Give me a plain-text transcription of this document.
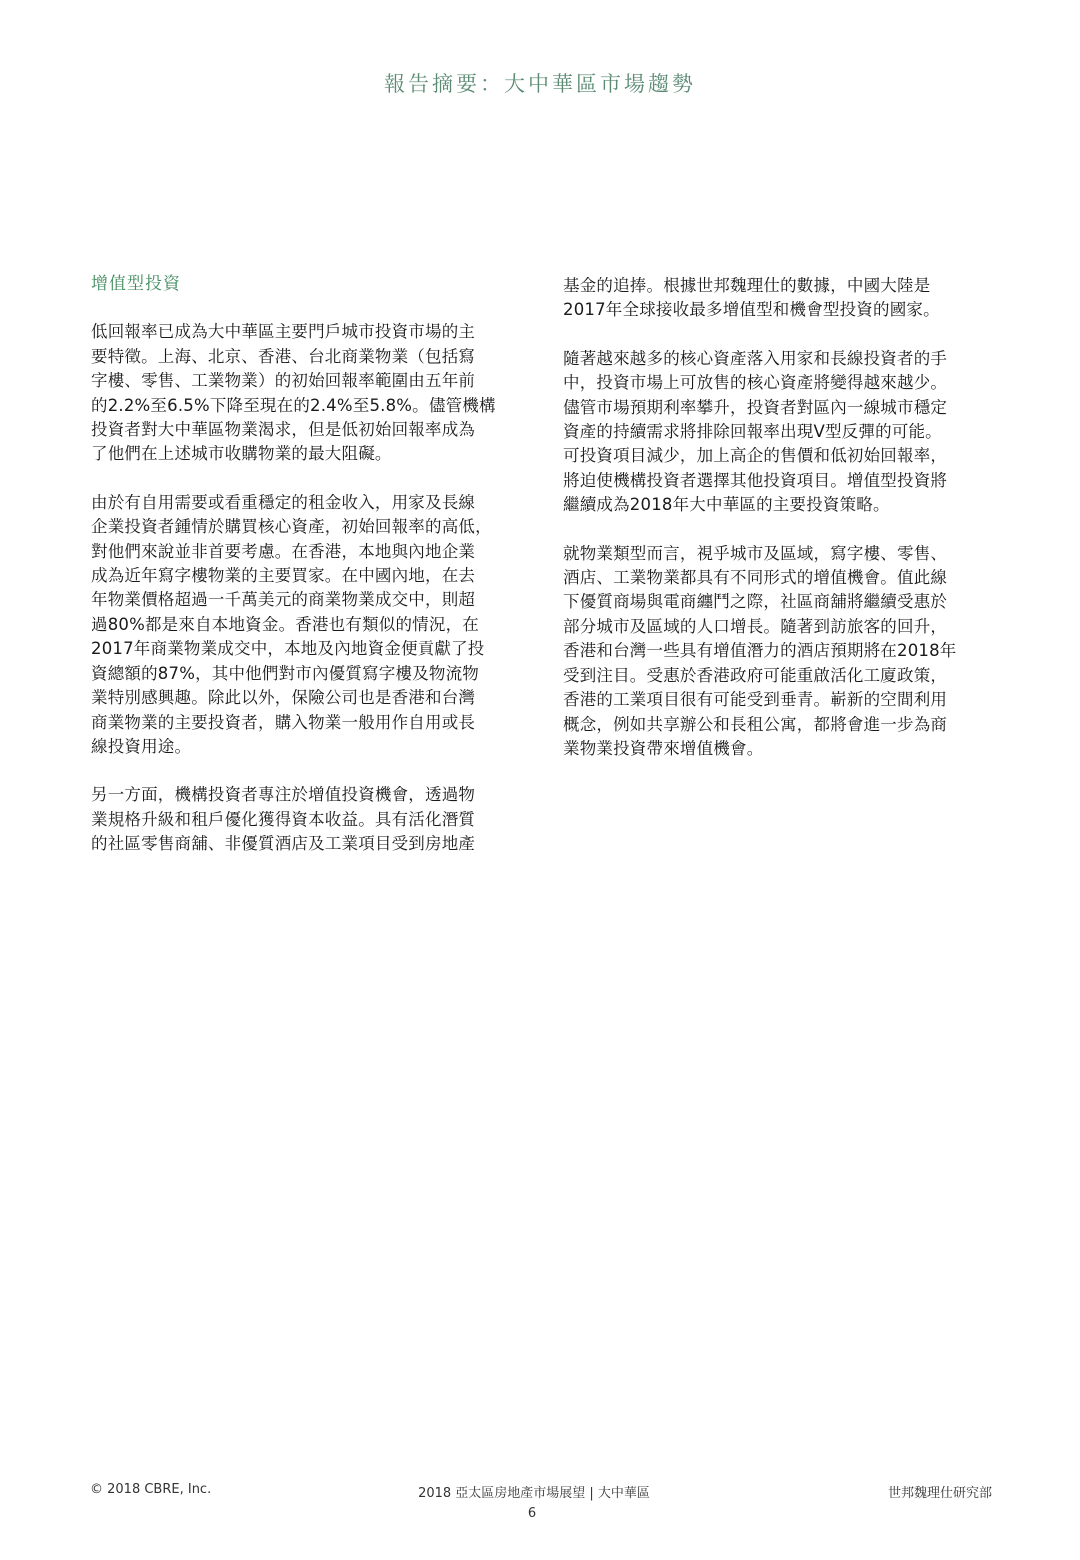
報告摘要：大中華區市場趨勢
增值型投資

低回報率已成為大中華區主要門戶城市投資市場的主
要特徵。上海、北京、香港、台北商業物業（包括寫
字樓、零售、工業物業）的初始回報率範圍由五年前
的2.2%至6.5%下降至現在的2.4%至5.8%。儘管機構
投資者對大中華區物業渴求，但是低初始回報率成為
了他們在上述城市收購物業的最大阻礙。

由於有自用需要或看重穩定的租金收入，用家及長線
企業投資者鍾情於購買核心資產，初始回報率的高低，
對他們來說並非首要考慮。在香港，本地與內地企業
成為近年寫字樓物業的主要買家。在中國內地，在去
年物業價格超過一千萬美元的商業物業成交中，則超
過80%都是來自本地資金。香港也有類似的情況，在
2017年商業物業成交中，本地及內地資金便貢獻了投
資總額的87%，其中他們對市內優質寫字樓及物流物
業特別感興趣。除此以外，保險公司也是香港和台灣
商業物業的主要投資者，購入物業一般用作自用或長
線投資用途。

另一方面，機構投資者專注於增值投資機會，透過物
業規格升級和租戶優化獲得資本收益。具有活化潛質
的社區零售商舖、非優質酒店及工業項目受到房地產

基金的追捧。根據世邦魏理仕的數據，中國大陸是
2017年全球接收最多增值型和機會型投資的國家。

隨著越來越多的核心資產落入用家和長線投資者的手
中，投資市場上可放售的核心資產將變得越來越少。
儘管市場預期利率攀升，投資者對區內一線城市穩定
資產的持續需求將排除回報率出現V型反彈的可能。
可投資項目減少，加上高企的售價和低初始回報率，
將迫使機構投資者選擇其他投資項目。增值型投資將
繼續成為2018年大中華區的主要投資策略。

就物業類型而言，視乎城市及區域，寫字樓、零售、
酒店、工業物業都具有不同形式的增值機會。值此線
下優質商場與電商纏鬥之際，社區商舖將繼續受惠於
部分城市及區域的人口增長。隨著到訪旅客的回升，
香港和台灣一些具有增值潛力的酒店預期將在2018年
受到注目。受惠於香港政府可能重啟活化工廈政策，
香港的工業項目很有可能受到垂青。嶄新的空間利用
概念，例如共享辦公和長租公寓，都將會進一步為商
業物業投資帶來增值機會。

© 2018 CBRE, Inc.	2018 亞太區房地產市場展望 | 大中華區	世邦魏理仕研究部
6
